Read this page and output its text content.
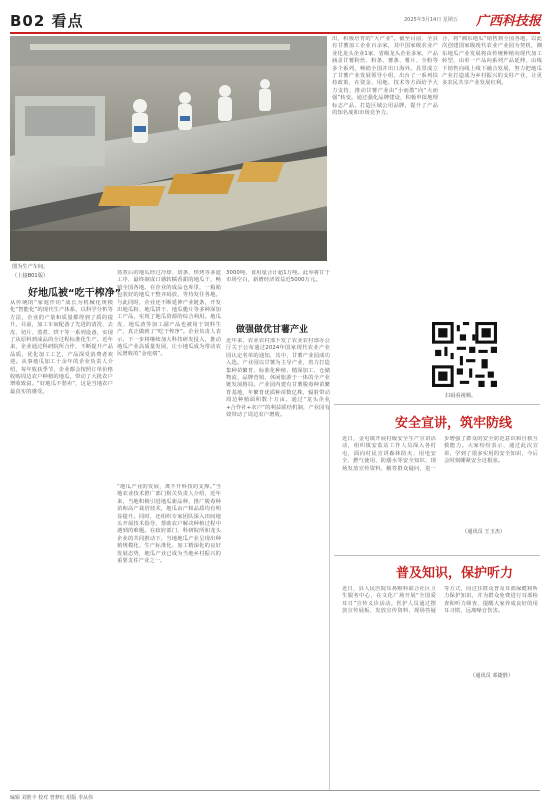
B02 看点	2025年3月14日 星期五 广西科技报
图为生产车间。
（上接B01版）
好地瓜被“吃干榨净”
从传统的“家庭作坊”成长为机械化规模化“智能化”的现代生产体系，以科学分析等方法，企业的产量和质量都得到了质的提升。目前，加工车间配备了先进的清洗、去皮、切片、蒸煮、烘干等一系列设备，实现了从原料到成品的全过程标准化生产。近年来，企业通过科研院所合作，不断提升产品品质，优化加工工艺，产品深受消费者欢迎。从事地瓜加工十余年的企业负责人介绍，每年收获季节，企业都会按照订单价格收购周边农户种植的地瓜，带动了大批农户增收致富。“好地瓜不愁卖”，这是当地农户最真实的感受。
蒸煮后的地瓜经过冷却、切条、烘烤等多道工序，最终制成口感软糯香甜的地瓜干，畅销全国各地。在企业的成品仓库里，一箱箱包装好的地瓜干整齐码放，等待发往各地。与此同时，企业还不断延伸产业链条，开发出地瓜粉、地瓜饼干、地瓜脆片等多种深加工产品，实现了地瓜资源的综合利用。地瓜皮、地瓜渣等加工副产品也被用于饲料生产，真正做到了“吃干榨净”。企业负责人表示，下一步将继续加大科技研发投入，推动地瓜产业高质量发展，让小地瓜成为带动农民增收的“金疙瘩”。
“地瓜产业的发展，离不开科技的支撑。”当地农业技术推广部门相关负责人介绍，近年来，当地积极引进地瓜新品种，推广脱毒种苗和高产栽培技术，地瓜亩产和品质均有明显提升。同时，还组织专家团队深入田间地头开展技术指导，帮助农户解决种植过程中遇到的难题。在政府部门、科研院所和龙头企业的共同推动下，当地地瓜产业呈现出种植规模化、生产标准化、加工精深化的良好发展态势，地瓜产业已成为当地乡村振兴的重要支柱产业之一。
3000吨，食用量合计超1万吨。此举将甘于市场空白，新增经济效益近5000万元。
做强做优甘薯产业
近年来，农业农村部下发了农业农村部办公厅关于公布通过2024年国家现代农业产业园认定名单的通知，其中，甘薯产业园成功入选。产业园以甘薯为主导产业，着力打造集种苗繁育、标准化种植、精深加工、仓储物流、品牌营销、休闲旅游于一体的全产业链发展格局。产业园内建有甘薯脱毒种苗繁育基地，年繁育优质种苗数亿株，辐射带动周边种植面积数十万亩。通过“龙头企业+合作社+农户”的利益联结机制，产业园有效带动了周边农户增收。
出，积极培育的“大产业”。截至目前，全县有甘薯加工企业百余家，其中国家级农业产业化龙头企业1家、省级龙头企业多家，产品涵盖甘薯粉丝、粉条、薯条、薯片、全粉等多个系列，畅销全国并出口海外。县里成立了甘薯产业发展领导小组，出台了一系列扶持政策，在资金、用地、技术等方面给予大力支持，推动甘薯产业由“小而散”向“大而强”转变。通过强化品牌建设，积极申报地理标志产品，打造区域公用品牌，提升了产品的知名度和市场竞争力。
合，将“湘东地瓜”销售到全国各地。以此次创建国家级现代农业产业园为契机，湘东地瓜产业发展将由传统种植向现代加工转型，由单一产品向系列产品延伸，由线下销售向线上线下融合发展，努力把地瓜产业打造成为乡村振兴的支柱产业，让更多农民共享产业发展红利。
扫码看视频。
安全宣讲，筑牢防线
近日，金屯镇开展村级安全生产宣讲活动，组织镇安监站工作人员深入各村屯，面向村民宣讲森林防火、用电安全、燃气使用、防溺水等安全知识，现场发放宣传资料，解答群众疑问，进一步增强了群众的安全防范意识和自救互救能力。大家纷纷表示，通过此次宣讲，学到了很多实用的安全知识，今后会时刻绷紧安全这根弦。
（通讯员 王玉杰）
普及知识，保护听力
近日，县人民医院耳鼻喉科联合社区卫生服务中心，在文化广场开展“全国爱耳日”宣传义诊活动。医护人员通过摆放宣传展板、发放宣传资料、现场答疑等方式，向过往群众普及耳部保健和听力保护知识，并为群众免费进行耳部检查和听力筛查，提醒大家养成良好的用耳习惯，远离噪音伤害。
（通讯员 邓捷胜）
编辑 刘胜丰 校对 曾梦红 组版 李从伟
